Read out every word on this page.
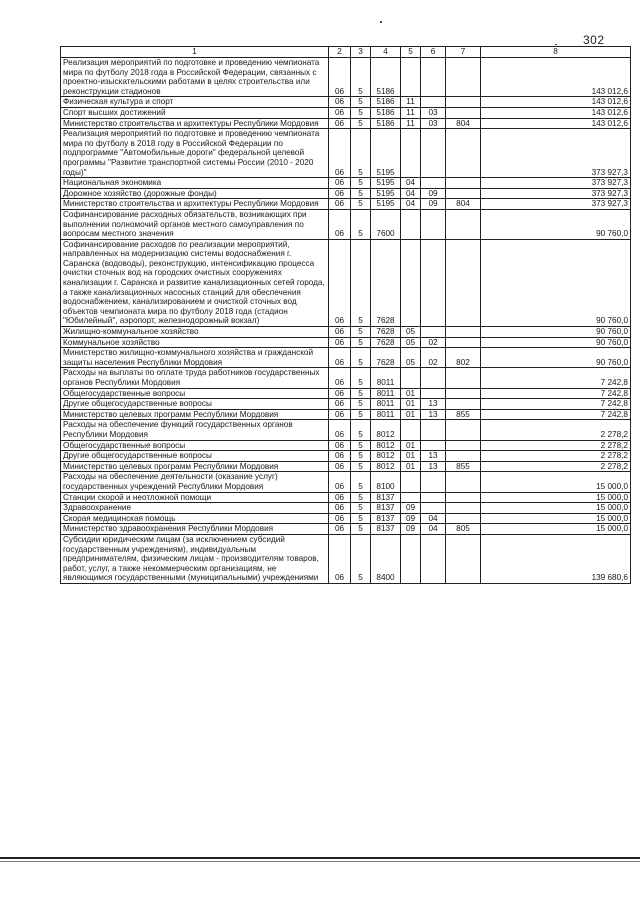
302
1	2	3	4	5	6	7	8
Реализация мероприятий по подготовке и проведению чемпионата мира по футболу 2018 года в Российской Федерации, связанных с проектно-изыскательскими работами в целях строительства или реконструкции стадионов	06	5	5186				143 012,6
Физическая культура и спорт	06	5	5186	11			143 012,6
Спорт высших достижений	06	5	5186	11	03		143 012,6
Министерство строительства и архитектуры Республики Мордовия	06	5	5186	11	03	804	143 012,6
Реализация мероприятий по подготовке и проведению чемпионата мира по футболу в 2018 году в Российской Федерации по подпрограмме "Автомобильные дороги" федеральной целевой программы "Развитие транспортной системы России (2010 - 2020 годы)"	06	5	5195				373 927,3
Национальная экономика	06	5	5195	04			373 927,3
Дорожное хозяйство (дорожные фонды)	06	5	5195	04	09		373 927,3
Министерство строительства и архитектуры Республики Мордовия	06	5	5195	04	09	804	373 927,3
Софинансирование расходных обязательств, возникающих при выполнении полномочий органов местного самоуправления по вопросам местного значения	06	5	7600				90 760,0
Софинансирование расходов по реализации мероприятий, направленных на модернизацию системы водоснабжения г. Саранска (водоводы), реконструкцию, интенсификацию процесса очистки сточных вод на городских очистных сооружениях канализации г. Саранска и развитие канализационных сетей города, а также канализационных насосных станций для обеспечения водоснабжением, канализированием и очисткой сточных вод объектов чемпионата мира по футболу 2018 года (стадион "Юбилейный", аэропорт, железнодорожный вокзал)	06	5	7628				90 760,0
Жилищно-коммунальное хозяйство	06	5	7628	05			90 760,0
Коммунальное хозяйство	06	5	7628	05	02		90 760,0
Министерство жилищно-коммунального хозяйства и гражданской защиты населения Республики Мордовия	06	5	7628	05	02	802	90 760,0
Расходы на выплаты по оплате труда работников государственных органов Республики Мордовия	06	5	8011				7 242,8
Общегосударственные вопросы	06	5	8011	01			7 242,8
Другие общегосударственные вопросы	06	5	8011	01	13		7 242,8
Министерство целевых программ Республики Мордовия	06	5	8011	01	13	855	7 242,8
Расходы на обеспечение функций государственных органов Республики Мордовия	06	5	8012				2 278,2
Общегосударственные вопросы	06	5	8012	01			2 278,2
Другие общегосударственные вопросы	06	5	8012	01	13		2 278,2
Министерство целевых программ Республики Мордовия	06	5	8012	01	13	855	2 278,2
Расходы на обеспечение деятельности (оказание услуг) государственных учреждений Республики Мордовия	06	5	8100				15 000,0
Станции скорой и неотложной помощи	06	5	8137				15 000,0
Здравоохранение	06	5	8137	09			15 000,0
Скорая медицинская помощь	06	5	8137	09	04		15 000,0
Министерство здравоохранения Республики Мордовия	06	5	8137	09	04	805	15 000,0
Субсидии юридическим лицам (за исключением субсидий государственным учреждениям), индивидуальным предпринимателям, физическим лицам - производителям товаров, работ, услуг, а также некоммерческим организациям, не являющимся государственными (муниципальными) учреждениями	06	5	8400				139 680,6
